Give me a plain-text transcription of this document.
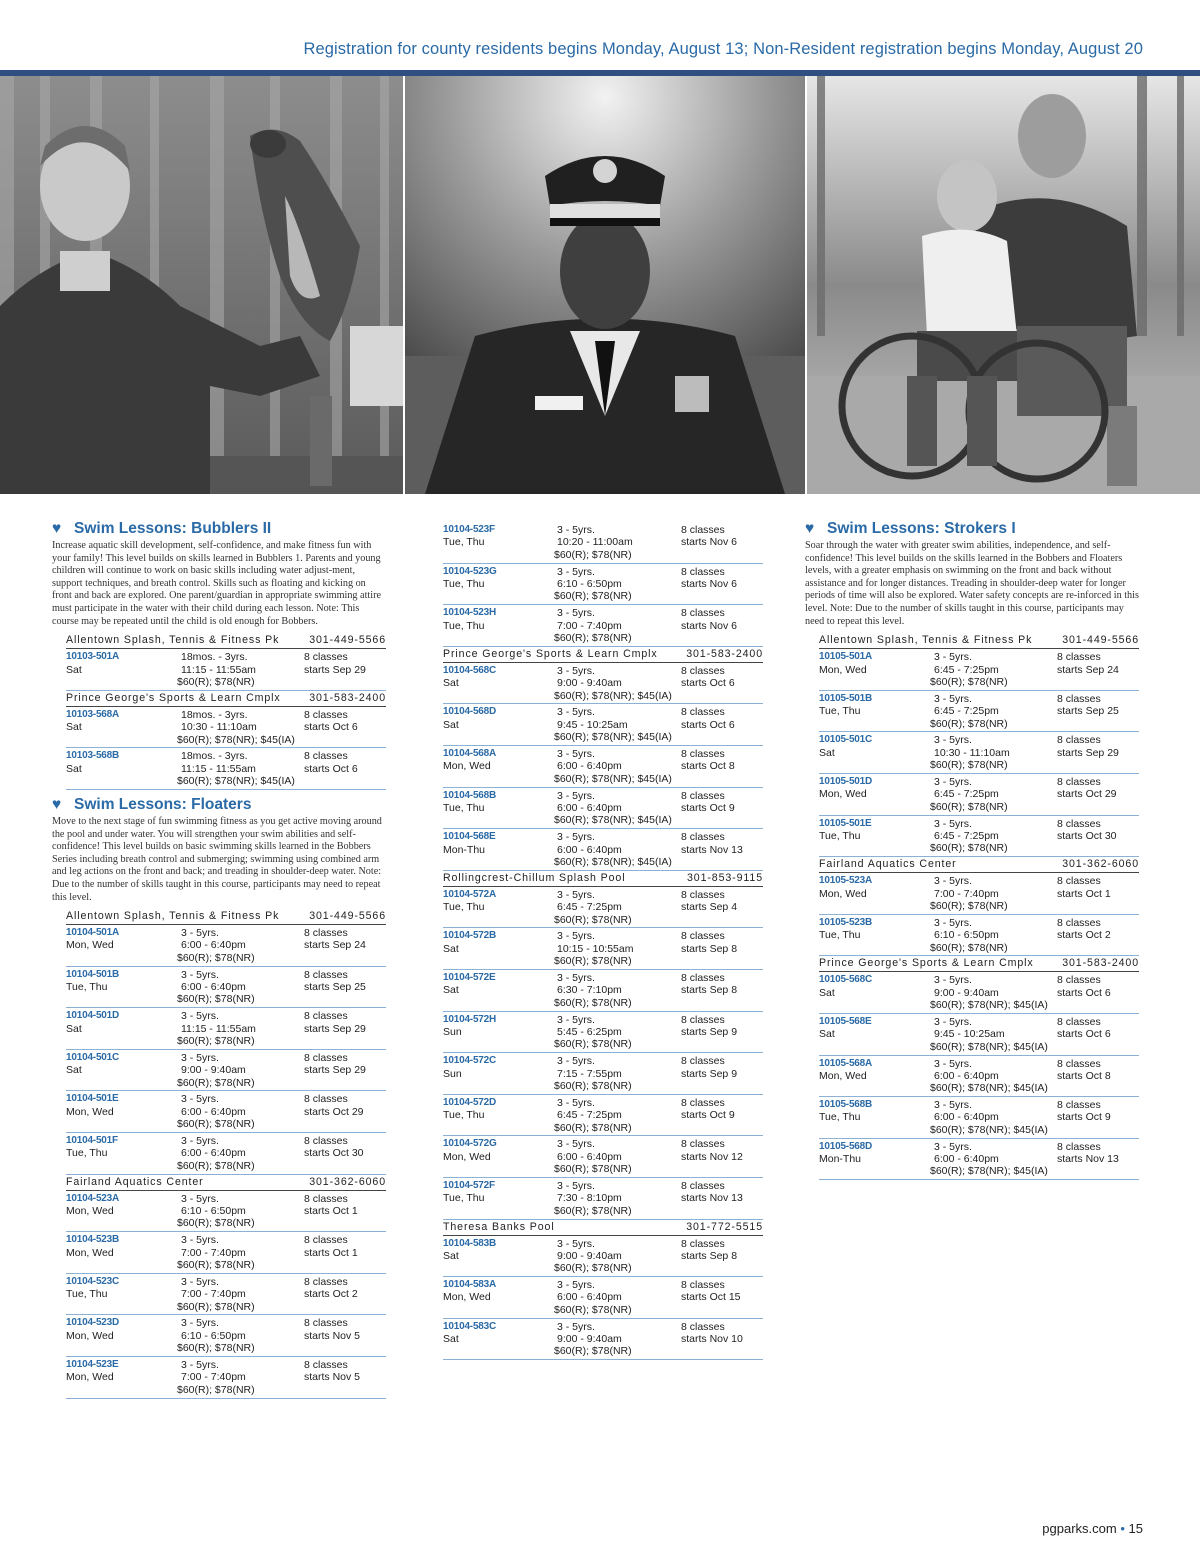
Registration for county residents begins Monday, August 13; Non-Resident registration begins Monday, August 20
♥ Swim Lessons: Bubblers II

Increase aquatic skill development, self-confidence, and make fitness fun with your family! This level builds on skills learned in Bubblers 1. Parents and young children will continue to work on basic skills including water adjust-ment, support techniques, and breath control. Skills such as floating and kicking on front and back are explored. One parent/guardian in appropriate swimming attire must participate in the water with their child during each lesson. Note: This course may be repeated until the child is old enough for Bobbers.

Allentown Splash, Tennis & Fitness Pk	301-449-5566
10103-501A
Sat
18mos. - 3yrs.
11:15 - 11:55am
$60(R); $78(NR)
8 classes
starts Sep 29
Prince George's Sports & Learn Cmplx	301-583-2400
10103-568A
Sat
18mos. - 3yrs.
10:30 - 11:10am
$60(R); $78(NR); $45(IA)
8 classes
starts Oct 6
10103-568B
Sat
18mos. - 3yrs.
11:15 - 11:55am
$60(R); $78(NR); $45(IA)
8 classes
starts Oct 6
♥ Swim Lessons: Floaters

Move to the next stage of fun swimming fitness as you get active moving around the pool and under water. You will strengthen your swim abilities and self-confidence! This level builds on basic swimming skills learned in the Bobbers Series including breath control and submerging; swimming using combined arm and leg actions on the front and back; and treading in shoulder-deep water. Note: Due to the number of skills taught in this course, participants may need to repeat this level.

Allentown Splash, Tennis & Fitness Pk	301-449-5566
10104-501A
Mon, Wed
3 - 5yrs.
6:00 - 6:40pm
$60(R); $78(NR)
8 classes
starts Sep 24
10104-501B
Tue, Thu
3 - 5yrs.
6:00 - 6:40pm
$60(R); $78(NR)
8 classes
starts Sep 25
10104-501D
Sat
3 - 5yrs.
11:15 - 11:55am
$60(R); $78(NR)
8 classes
starts Sep 29
10104-501C
Sat
3 - 5yrs.
9:00 - 9:40am
$60(R); $78(NR)
8 classes
starts Sep 29
10104-501E
Mon, Wed
3 - 5yrs.
6:00 - 6:40pm
$60(R); $78(NR)
8 classes
starts Oct 29
10104-501F
Tue, Thu
3 - 5yrs.
6:00 - 6:40pm
$60(R); $78(NR)
8 classes
starts Oct 30
Fairland Aquatics Center	301-362-6060
10104-523A
Mon, Wed
3 - 5yrs.
6:10 - 6:50pm
$60(R); $78(NR)
8 classes
starts Oct 1
10104-523B
Mon, Wed
3 - 5yrs.
7:00 - 7:40pm
$60(R); $78(NR)
8 classes
starts Oct 1
10104-523C
Tue, Thu
3 - 5yrs.
7:00 - 7:40pm
$60(R); $78(NR)
8 classes
starts Oct 2
10104-523D
Mon, Wed
3 - 5yrs.
6:10 - 6:50pm
$60(R); $78(NR)
8 classes
starts Nov 5
10104-523E
Mon, Wed
3 - 5yrs.
7:00 - 7:40pm
$60(R); $78(NR)
8 classes
starts Nov 5
10104-523F
Tue, Thu
3 - 5yrs.
10:20 - 11:00am
$60(R); $78(NR)
8 classes
starts Nov 6
10104-523G
Tue, Thu
3 - 5yrs.
6:10 - 6:50pm
$60(R); $78(NR)
8 classes
starts Nov 6
10104-523H
Tue, Thu
3 - 5yrs.
7:00 - 7:40pm
$60(R); $78(NR)
8 classes
starts Nov 6
Prince George's Sports & Learn Cmplx	301-583-2400
10104-568C
Sat
3 - 5yrs.
9:00 - 9:40am
$60(R); $78(NR); $45(IA)
8 classes
starts Oct 6
10104-568D
Sat
3 - 5yrs.
9:45 - 10:25am
$60(R); $78(NR); $45(IA)
8 classes
starts Oct 6
10104-568A
Mon, Wed
3 - 5yrs.
6:00 - 6:40pm
$60(R); $78(NR); $45(IA)
8 classes
starts Oct 8
10104-568B
Tue, Thu
3 - 5yrs.
6:00 - 6:40pm
$60(R); $78(NR); $45(IA)
8 classes
starts Oct 9
10104-568E
Mon-Thu
3 - 5yrs.
6:00 - 6:40pm
$60(R); $78(NR); $45(IA)
8 classes
starts Nov 13
Rollingcrest-Chillum Splash Pool	301-853-9115
10104-572A
Tue, Thu
3 - 5yrs.
6:45 - 7:25pm
$60(R); $78(NR)
8 classes
starts Sep 4
10104-572B
Sat
3 - 5yrs.
10:15 - 10:55am
$60(R); $78(NR)
8 classes
starts Sep 8
10104-572E
Sat
3 - 5yrs.
6:30 - 7:10pm
$60(R); $78(NR)
8 classes
starts Sep 8
10104-572H
Sun
3 - 5yrs.
5:45 - 6:25pm
$60(R); $78(NR)
8 classes
starts Sep 9
10104-572C
Sun
3 - 5yrs.
7:15 - 7:55pm
$60(R); $78(NR)
8 classes
starts Sep 9
10104-572D
Tue, Thu
3 - 5yrs.
6:45 - 7:25pm
$60(R); $78(NR)
8 classes
starts Oct 9
10104-572G
Mon, Wed
3 - 5yrs.
6:00 - 6:40pm
$60(R); $78(NR)
8 classes
starts Nov 12
10104-572F
Tue, Thu
3 - 5yrs.
7:30 - 8:10pm
$60(R); $78(NR)
8 classes
starts Nov 13
Theresa Banks Pool	301-772-5515
10104-583B
Sat
3 - 5yrs.
9:00 - 9:40am
$60(R); $78(NR)
8 classes
starts Sep 8
10104-583A
Mon, Wed
3 - 5yrs.
6:00 - 6:40pm
$60(R); $78(NR)
8 classes
starts Oct 15
10104-583C
Sat
3 - 5yrs.
9:00 - 9:40am
$60(R); $78(NR)
8 classes
starts Nov 10
♥ Swim Lessons: Strokers I

Soar through the water with greater swim abilities, independence, and self-confidence! This level builds on the skills learned in the Bobbers and Floaters levels, with a greater emphasis on swimming on the front and back without assistance and for longer distances. Treading in shoulder-deep water for longer periods of time will also be explored. Water safety concepts are re-inforced in this level. Note: Due to the number of skills taught in this course, participants may need to repeat this level.

Allentown Splash, Tennis & Fitness Pk	301-449-5566
10105-501A
Mon, Wed
3 - 5yrs.
6:45 - 7:25pm
$60(R); $78(NR)
8 classes
starts Sep 24
10105-501B
Tue, Thu
3 - 5yrs.
6:45 - 7:25pm
$60(R); $78(NR)
8 classes
starts Sep 25
10105-501C
Sat
3 - 5yrs.
10:30 - 11:10am
$60(R); $78(NR)
8 classes
starts Sep 29
10105-501D
Mon, Wed
3 - 5yrs.
6:45 - 7:25pm
$60(R); $78(NR)
8 classes
starts Oct 29
10105-501E
Tue, Thu
3 - 5yrs.
6:45 - 7:25pm
$60(R); $78(NR)
8 classes
starts Oct 30
Fairland Aquatics Center	301-362-6060
10105-523A
Mon, Wed
3 - 5yrs.
7:00 - 7:40pm
$60(R); $78(NR)
8 classes
starts Oct 1
10105-523B
Tue, Thu
3 - 5yrs.
6:10 - 6:50pm
$60(R); $78(NR)
8 classes
starts Oct 2
Prince George's Sports & Learn Cmplx	301-583-2400
10105-568C
Sat
3 - 5yrs.
9:00 - 9:40am
$60(R); $78(NR); $45(IA)
8 classes
starts Oct 6
10105-568E
Sat
3 - 5yrs.
9:45 - 10:25am
$60(R); $78(NR); $45(IA)
8 classes
starts Oct 6
10105-568A
Mon, Wed
3 - 5yrs.
6:00 - 6:40pm
$60(R); $78(NR); $45(IA)
8 classes
starts Oct 8
10105-568B
Tue, Thu
3 - 5yrs.
6:00 - 6:40pm
$60(R); $78(NR); $45(IA)
8 classes
starts Oct 9
10105-568D
Mon-Thu
3 - 5yrs.
6:00 - 6:40pm
$60(R); $78(NR); $45(IA)
8 classes
starts Nov 13
pgparks.com • 15
